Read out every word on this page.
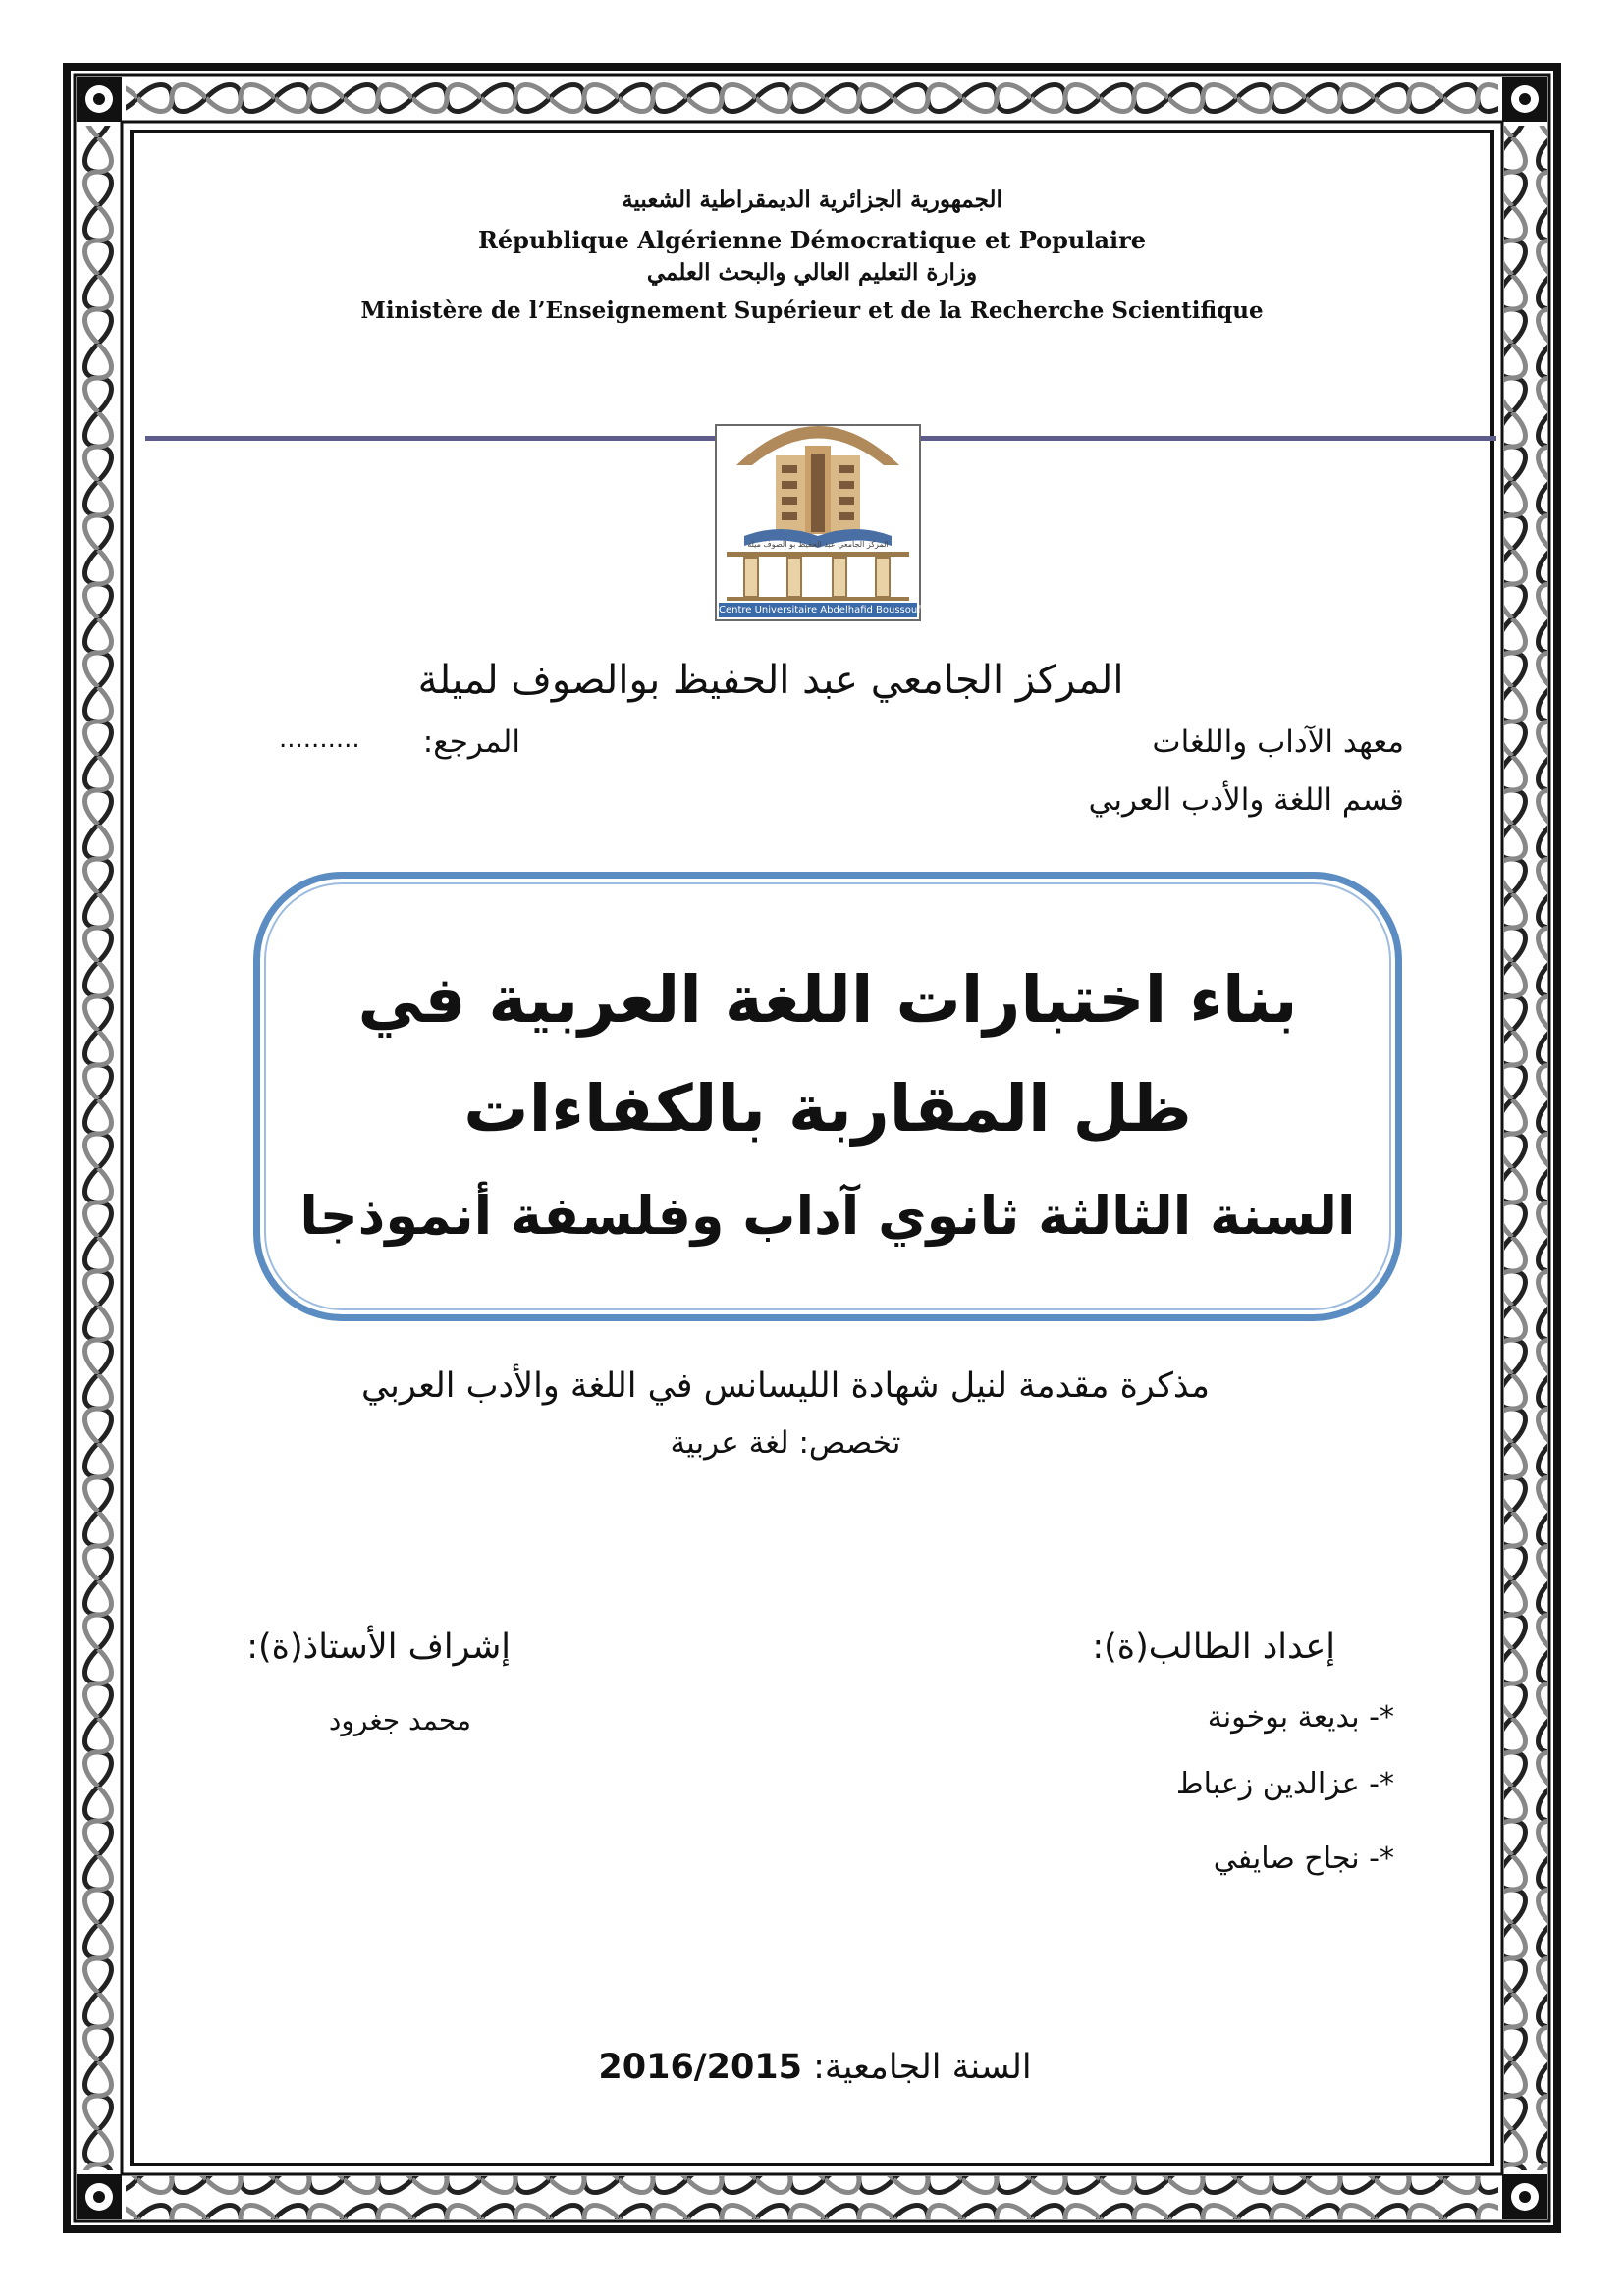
الجمهورية الجزائرية الديمقراطية الشعبية
République Algérienne Démocratique et Populaire
وزارة التعليم العالي والبحث العلمي
Ministère de l’Enseignement Supérieur et de la Recherche Scientifique
المركز الجامعي عبد الحفيظ بو الصوف ميلة
Centre Universitaire Abdelhafid Boussouf Mila
المركز الجامعي عبد الحفيظ بوالصوف لميلة
معهد الآداب واللغات
قسم اللغة والأدب العربي
المرجع:
..........
بناء اختبارات اللغة العربية في
ظل المقاربة بالكفاءات
السنة الثالثة ثانوي آداب وفلسفة أنموذجا
مذكرة مقدمة لنيل شهادة الليسانس في اللغة والأدب العربي
تخصص: لغة عربية
إعداد الطالب(ة):
*- بديعة بوخونة
*- عزالدين زعباط
*- نجاح صايفي
إشراف الأستاذ(ة):
محمد جغرود
السنة الجامعية: 2016/2015
